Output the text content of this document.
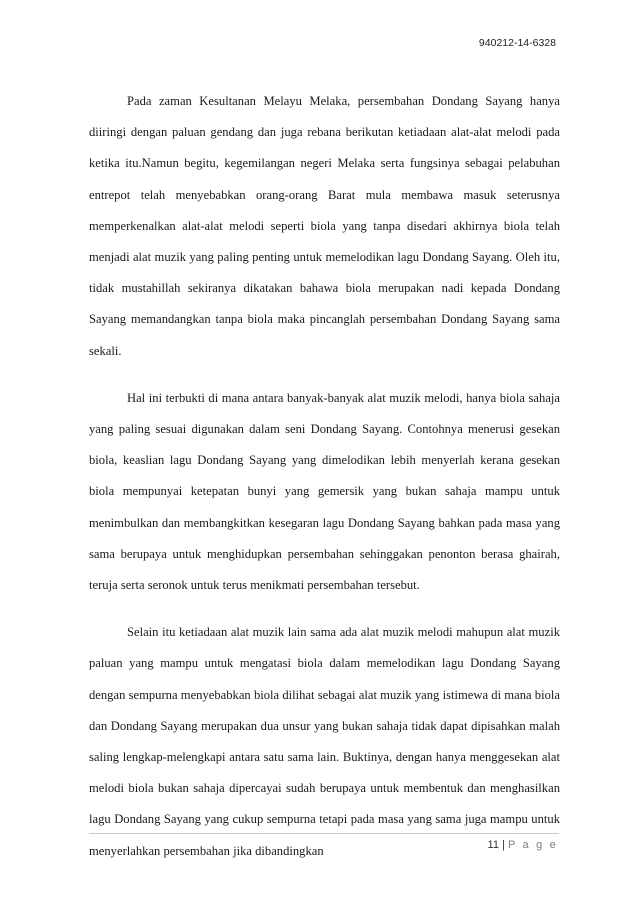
940212-14-6328

Pada zaman Kesultanan Melayu Melaka, persembahan Dondang Sayang hanya diiringi dengan paluan gendang dan juga rebana berikutan ketiadaan alat-alat melodi pada ketika itu.Namun begitu, kegemilangan negeri Melaka serta fungsinya sebagai pelabuhan entrepot telah menyebabkan orang-orang Barat mula membawa masuk seterusnya memperkenalkan alat-alat melodi seperti biola yang tanpa disedari akhirnya biola telah menjadi alat muzik yang paling penting untuk memelodikan lagu Dondang Sayang. Oleh itu, tidak mustahillah sekiranya dikatakan bahawa biola merupakan nadi kepada Dondang Sayang memandangkan tanpa biola maka pincanglah persembahan Dondang Sayang sama sekali.

Hal ini terbukti di mana antara banyak-banyak alat muzik melodi, hanya biola sahaja yang paling sesuai digunakan dalam seni Dondang Sayang. Contohnya menerusi gesekan biola, keaslian lagu Dondang Sayang yang dimelodikan lebih menyerlah kerana gesekan biola mempunyai ketepatan bunyi yang gemersik yang bukan sahaja mampu untuk menimbulkan dan membangkitkan kesegaran lagu Dondang Sayang bahkan pada masa yang sama berupaya untuk menghidupkan persembahan sehinggakan penonton berasa ghairah, teruja serta seronok untuk terus menikmati persembahan tersebut.

Selain itu ketiadaan alat muzik lain sama ada alat muzik melodi mahupun alat muzik paluan yang mampu untuk mengatasi biola dalam memelodikan lagu Dondang Sayang dengan sempurna menyebabkan biola dilihat sebagai alat muzik yang istimewa di mana biola dan Dondang Sayang merupakan dua unsur yang bukan sahaja tidak dapat dipisahkan malah saling lengkap-melengkapi antara satu sama lain. Buktinya, dengan hanya menggesekan alat melodi biola bukan sahaja dipercayai sudah berupaya untuk membentuk dan menghasilkan lagu Dondang Sayang yang cukup sempurna tetapi pada masa yang sama juga mampu untuk menyerlahkan persembahan jika dibandingkan	11 | P a g e
